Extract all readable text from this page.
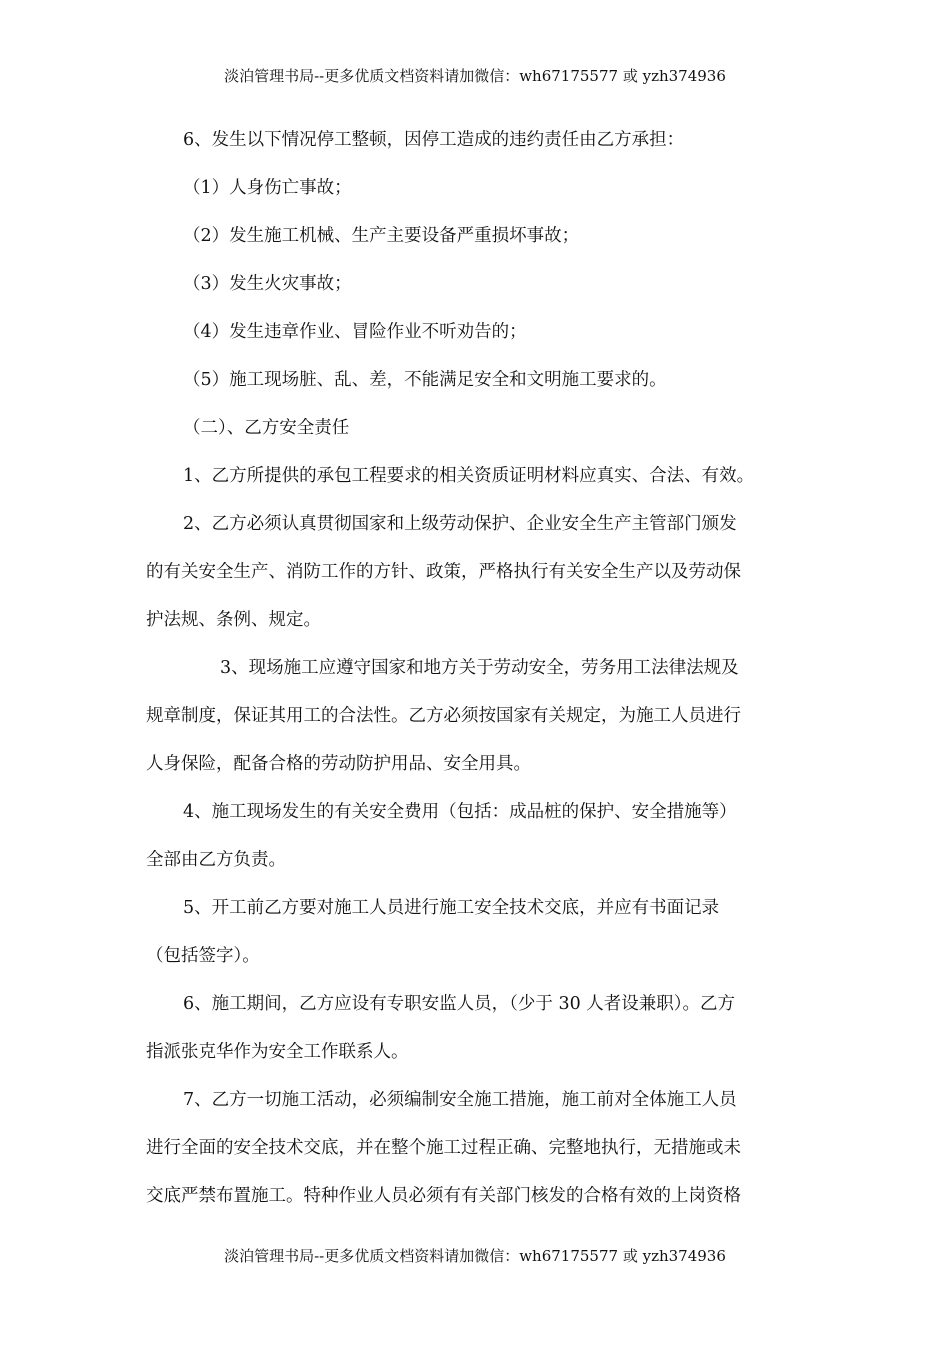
淡泊管理书局--更多优质文档资料请加微信：wh67175577 或 yzh374936
6、发生以下情况停工整顿，因停工造成的违约责任由乙方承担：
（1）人身伤亡事故；
（2）发生施工机械、生产主要设备严重损坏事故；
（3）发生火灾事故；
（4）发生违章作业、冒险作业不听劝告的；
（5）施工现场脏、乱、差，不能满足安全和文明施工要求的。
（二）、乙方安全责任
1、乙方所提供的承包工程要求的相关资质证明材料应真实、合法、有效。
2、乙方必须认真贯彻国家和上级劳动保护、企业安全生产主管部门颁发
的有关安全生产、消防工作的方针、政策，严格执行有关安全生产以及劳动保
护法规、条例、规定。
3、现场施工应遵守国家和地方关于劳动安全，劳务用工法律法规及
规章制度，保证其用工的合法性。乙方必须按国家有关规定，为施工人员进行
人身保险，配备合格的劳动防护用品、安全用具。
4、施工现场发生的有关安全费用（包括：成品桩的保护、安全措施等）
全部由乙方负责。
5、开工前乙方要对施工人员进行施工安全技术交底，并应有书面记录
（包括签字）。
6、施工期间，乙方应设有专职安监人员，（少于 30 人者设兼职）。乙方
指派张克华作为安全工作联系人。
7、乙方一切施工活动，必须编制安全施工措施，施工前对全体施工人员
进行全面的安全技术交底，并在整个施工过程正确、完整地执行，无措施或未
交底严禁布置施工。特种作业人员必须有有关部门核发的合格有效的上岗资格
淡泊管理书局--更多优质文档资料请加微信：wh67175577 或 yzh374936
